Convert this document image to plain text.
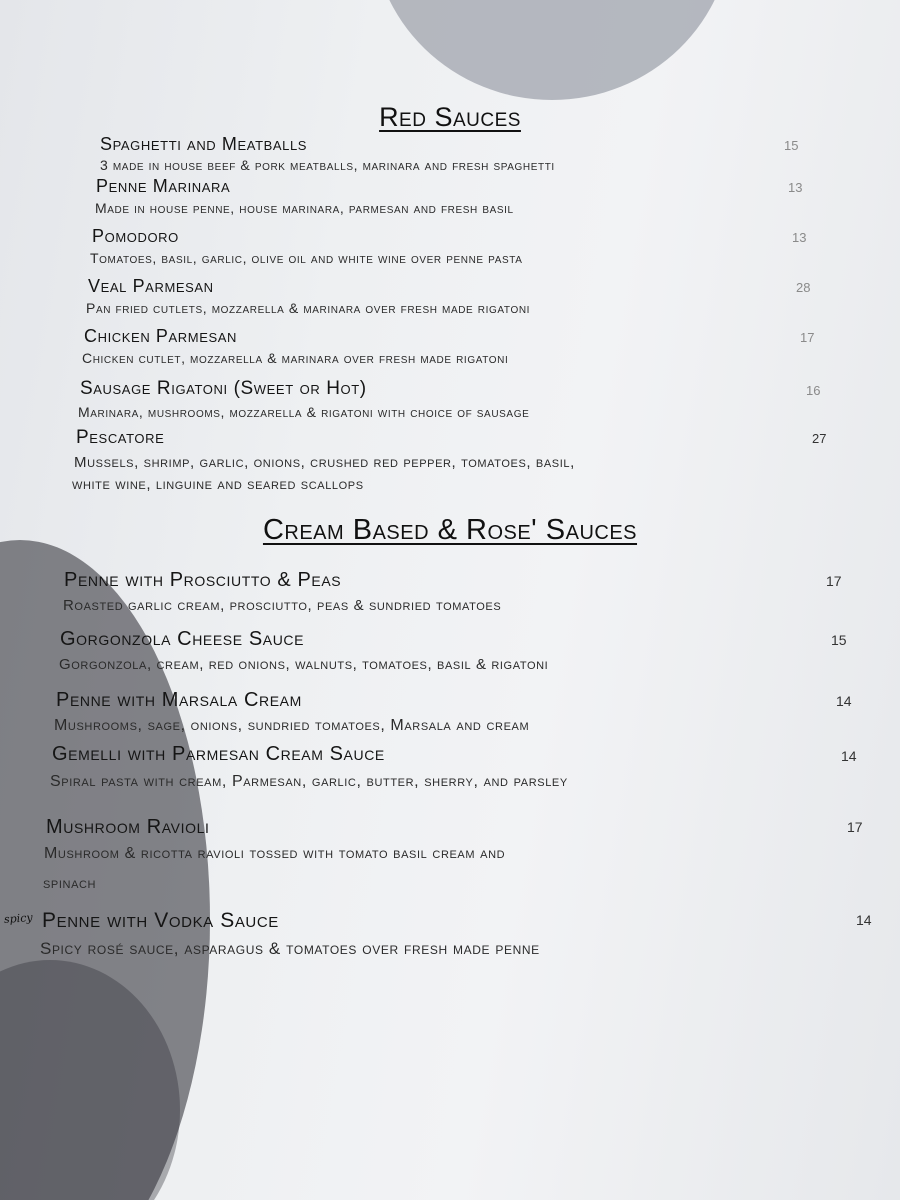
Red Sauces
Spaghetti and Meatballs
3 made in house beef & pork meatballs, marinara and fresh spaghetti
15
Penne Marinara
Made in house penne, house marinara, parmesan and fresh basil
13
Pomodoro
Tomatoes, basil, garlic, olive oil and white wine over penne pasta
13
Veal Parmesan
Pan fried cutlets, mozzarella & marinara over fresh made rigatoni
28
Chicken Parmesan
Chicken cutlet, mozzarella & marinara over fresh made rigatoni
17
Sausage Rigatoni (Sweet or Hot)
Marinara, mushrooms, mozzarella & rigatoni with choice of sausage
16
Pescatore
Mussels, shrimp, garlic, onions, crushed red pepper, tomatoes, basil,
white wine, linguine and seared scallops
27
Cream Based & Rose' Sauces
Penne with Prosciutto & Peas
Roasted garlic cream, prosciutto, peas & sundried tomatoes
17
Gorgonzola Cheese Sauce
Gorgonzola, cream, red onions, walnuts, tomatoes, basil & rigatoni
15
Penne with Marsala Cream
Mushrooms, sage, onions, sundried tomatoes, Marsala and cream
14
Gemelli with Parmesan Cream Sauce
Spiral pasta with cream, Parmesan, garlic, butter, sherry, and parsley
14
Mushroom Ravioli
Mushroom & ricotta ravioli tossed with tomato basil cream and
spinach
17
spicy Penne with Vodka Sauce
Spicy rosé sauce, asparagus & tomatoes over fresh made penne
14
